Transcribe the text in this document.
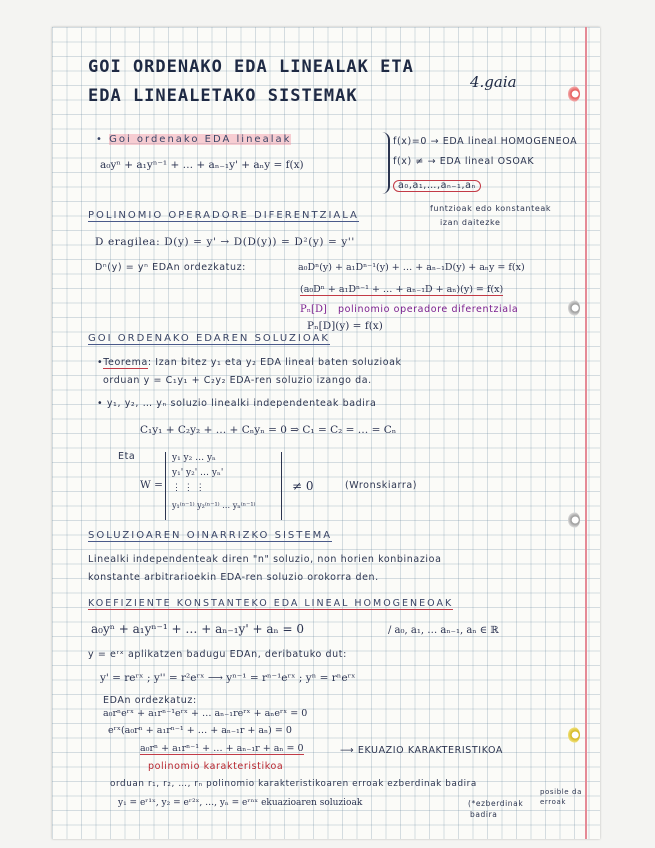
GOI ORDENAKO EDA LINEALAK ETA
EDA LINEALETAKO SISTEMAK
4.gaia
• Goi ordenako EDA linealak
a₀yⁿ + a₁yⁿ⁻¹ + … + aₙ₋₁y' + aₙy = f(x)
f(x)=0 → EDA lineal HOMOGENEOA
f(x) ≠ → EDA lineal OSOAK
a₀,a₁,…,aₙ₋₁,aₙ
funtzioak edo konstanteak
izan daitezke
POLINOMIO OPERADORE DIFERENTZIALA
D eragilea: D(y) = y' → D(D(y)) = D²(y) = y''
Dⁿ(y) = yⁿ EDAn ordezkatuz:	a₀Dⁿ(y) + a₁Dⁿ⁻¹(y) + … + aₙ₋₁D(y) + aₙy = f(x)
(a₀Dⁿ + a₁Dⁿ⁻¹ + … + aₙ₋₁D + aₙ)(y) = f(x)
Pₙ[D] polinomio operadore diferentziala
Pₙ[D](y) = f(x)
GOI ORDENAKO EDAREN SOLUZIOAK
•Teorema: Izan bitez y₁ eta y₂ EDA lineal baten soluzioak
orduan y = C₁y₁ + C₂y₂ EDA-ren soluzio izango da.
• y₁, y₂, … yₙ soluzio linealki independenteak badira
C₁y₁ + C₂y₂ + … + Cₙyₙ = 0 ⇒ C₁ = C₂ = … = Cₙ
Eta
W =
y₁ y₂ … yₙ
y₁' y₂' … yₙ'
⋮ ⋮ ⋮
y₁⁽ⁿ⁻¹⁾ y₂⁽ⁿ⁻¹⁾ … yₙ⁽ⁿ⁻¹⁾
≠ 0	(Wronskiarra)
SOLUZIOAREN OINARRIZKO SISTEMA
Linealki independenteak diren "n" soluzio, non horien konbinazioa
konstante arbitrarioekin EDA-ren soluzio orokorra den.
KOEFIZIENTE KONSTANTEKO EDA LINEAL HOMOGENEOAK
a₀yⁿ + a₁yⁿ⁻¹ + … + aₙ₋₁y' + aₙ = 0	/ a₀, a₁, … aₙ₋₁, aₙ ∈ ℝ
y = eʳˣ aplikatzen badugu EDAn, deribatuko dut:
y' = reʳˣ ; y'' = r²eʳˣ ⟶ yⁿ⁻¹ = rⁿ⁻¹eʳˣ ; yⁿ = rⁿeʳˣ
EDAn ordezkatuz:
a₀rⁿeʳˣ + a₁rⁿ⁻¹eʳˣ + … aₙ₋₁reʳˣ + aₙeʳˣ = 0
eʳˣ(a₀rⁿ + a₁rⁿ⁻¹ + … + aₙ₋₁r + aₙ) = 0
a₀rⁿ + a₁rⁿ⁻¹ + … + aₙ₋₁r + aₙ = 0	⟶ EKUAZIO KARAKTERISTIKOA
polinomio karakteristikoa
orduan r₁, r₂, …, rₙ polinomio karakteristikoaren erroak ezberdinak badira
y₁ = eʳ¹ˣ, y₂ = eʳ²ˣ, …, yₙ = eʳⁿˣ ekuazioaren soluzioak	(*ezberdinak
badira
posible da
erroak
